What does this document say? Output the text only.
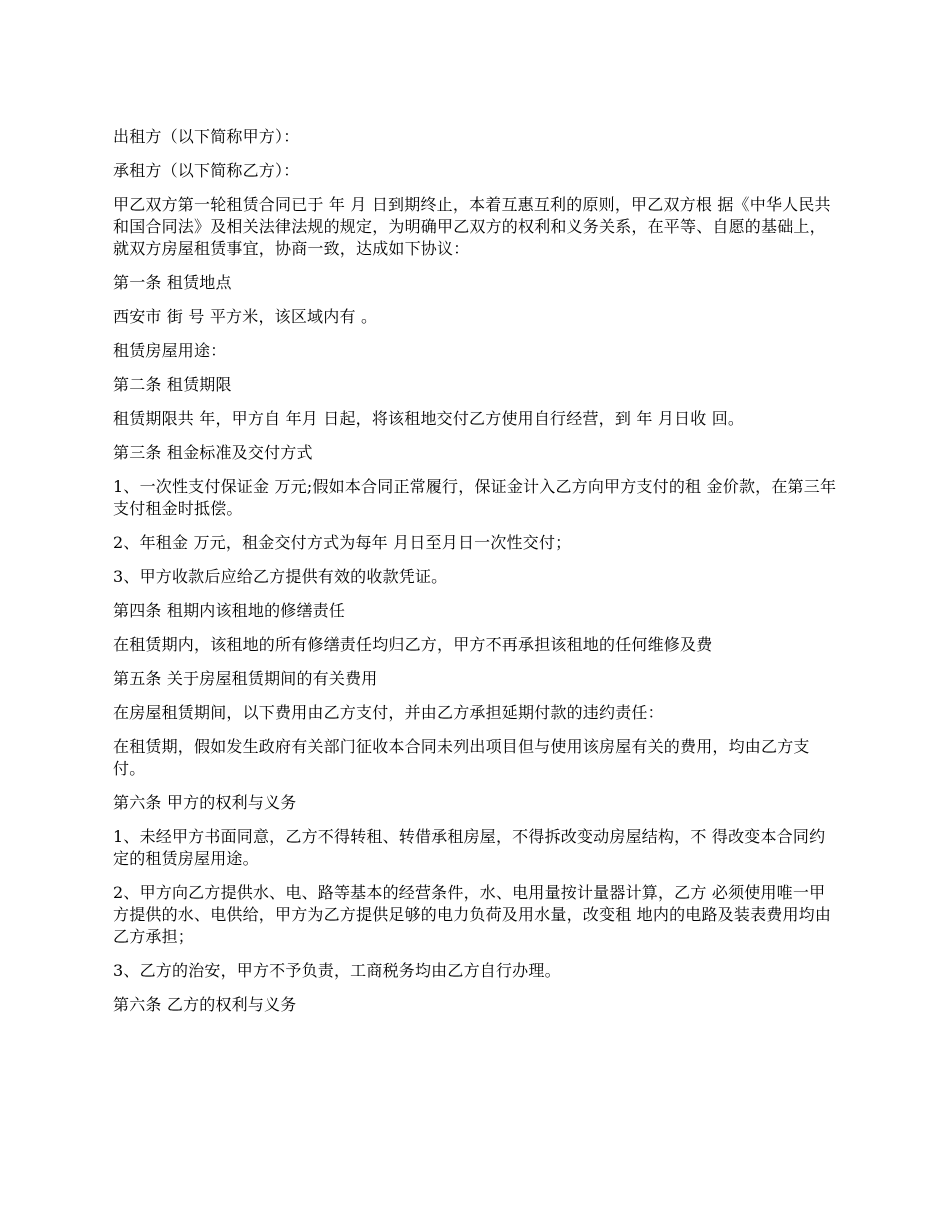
出租方（以下简称甲方）：

承租方（以下简称乙方）：

甲乙双方第一轮租赁合同已于 年 月 日到期终止，本着互惠互利的原则，甲乙双方根 据《中华人民共和国合同法》及相关法律法规的规定，为明确甲乙双方的权利和义务关系，在平等、自愿的基础上，就双方房屋租赁事宜，协商一致，达成如下协议：

第一条 租赁地点

西安市 街 号 平方米，该区域内有 。

租赁房屋用途：

第二条 租赁期限

租赁期限共 年，甲方自 年月 日起，将该租地交付乙方使用自行经营，到 年 月日收 回。

第三条 租金标准及交付方式

1、一次性支付保证金 万元;假如本合同正常履行，保证金计入乙方向甲方支付的租 金价款，在第三年支付租金时抵偿。

2、年租金 万元，租金交付方式为每年 月日至月日一次性交付；

3、甲方收款后应给乙方提供有效的收款凭证。

第四条 租期内该租地的修缮责任

在租赁期内，该租地的所有修缮责任均归乙方，甲方不再承担该租地的任何维修及费

第五条 关于房屋租赁期间的有关费用

在房屋租赁期间，以下费用由乙方支付，并由乙方承担延期付款的违约责任：

在租赁期，假如发生政府有关部门征收本合同未列出项目但与使用该房屋有关的费用，均由乙方支付。

第六条 甲方的权利与义务

1、未经甲方书面同意，乙方不得转租、转借承租房屋，不得拆改变动房屋结构，不 得改变本合同约定的租赁房屋用途。

2、甲方向乙方提供水、电、路等基本的经营条件，水、电用量按计量器计算，乙方 必须使用唯一甲方提供的水、电供给，甲方为乙方提供足够的电力负荷及用水量，改变租 地内的电路及装表费用均由乙方承担；

3、乙方的治安，甲方不予负责，工商税务均由乙方自行办理。

第六条 乙方的权利与义务
